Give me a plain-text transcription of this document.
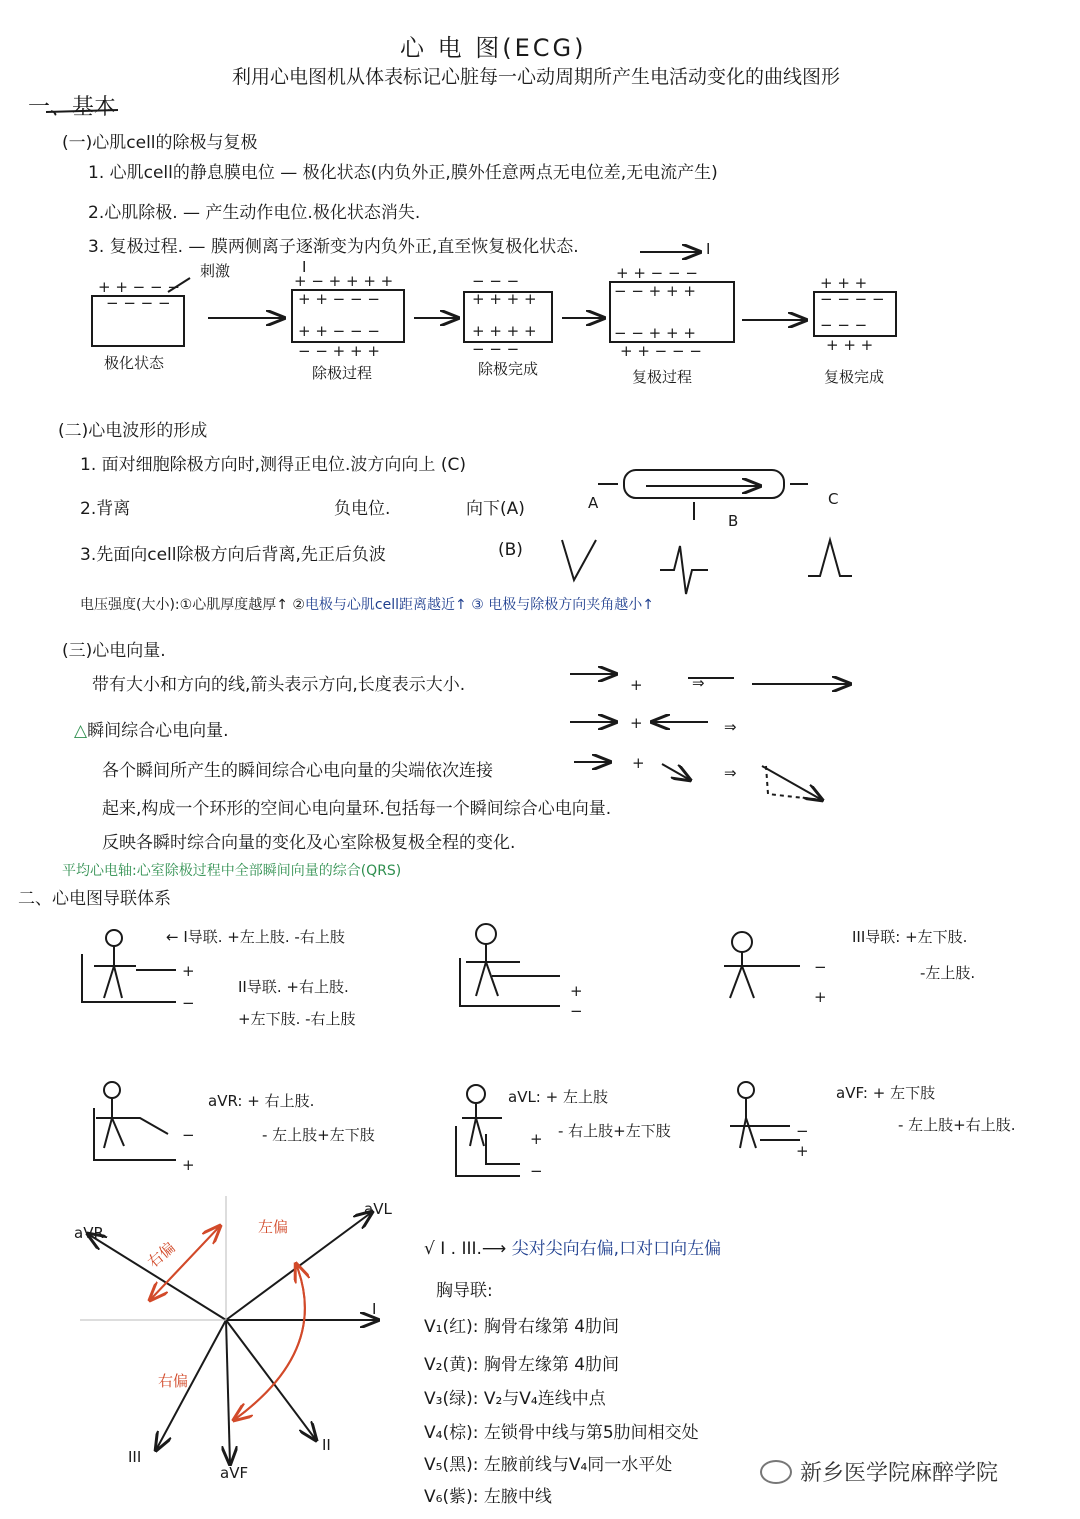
心 电 图(ECG)
利用心电图机从体表标记心脏每一心动周期所产生电活动变化的曲线图形
一、基本
(一)心肌cell的除极与复极
1. 心肌cell的静息膜电位 — 极化状态(内负外正,膜外任意两点无电位差,无电流产生)
2.心肌除极. — 产生动作电位.极化状态消失.
3. 复极过程. — 膜两侧离子逐渐变为内负外正,直至恢复极化状态.
极化状态
除极过程	除极完成	复极过程	复极完成
刺激	I
I
(二)心电波形的形成
1. 面对细胞除极方向时,测得正电位.波方向向上 (C)
2.背离	负电位.	向下(A)
3.先面向cell除极方向后背离,先正后负波	(B)
A
B
C
电压强度(大小):①心肌厚度越厚↑ ②电极与心肌cell距离越近↑ ③ 电极与除极方向夹角越小↑
(三)心电向量.
带有大小和方向的线,箭头表示方向,长度表示大小.
△瞬间综合心电向量.
各个瞬间所产生的瞬间综合心电向量的尖端依次连接
起来,构成一个环形的空间心电向量环.包括每一个瞬间综合心电向量.
反映各瞬时综合向量的变化及心室除极复极全程的变化.
平均心电轴:心室除极过程中全部瞬间向量的综合(QRS)
二、心电图导联体系
← I导联. +左上肢. -右上肢
II导联. +右上肢.
+左下肢. -右上肢
III导联: +左下肢.
-左上肢.
aVR: + 右上肢.
- 左上肢+左下肢
aVL: + 左上肢
- 右上肢+左下肢
aVF: + 左下肢
- 左上肢+右上肢.
aVR
aVL
I
II
III
aVF
右偏
左偏
右偏
√ I . III.⟶ 尖对尖向右偏,口对口向左偏
胸导联:
V₁(红): 胸骨右缘第 4肋间
V₂(黄): 胸骨左缘第 4肋间
V₃(绿): V₂与V₄连线中点
V₄(棕): 左锁骨中线与第5肋间相交处
V₅(黑): 左腋前线与V₄同一水平处
V₆(紫): 左腋中线
新乡医学院麻醉学院
+ + − − −
− − − −
+ − + + + +
+ + − − −
+ + − − −
− − + + +
− − −
+ + + +
+ + + +
− − −
+ + − − −
− − + + +
− − + + +
+ + − − −
+ + +
− − − −
− − −
+ + +
+	⇒
+	⇒
+
⇒
+
−
+
−
−
+
−
+
+
−
−
+
